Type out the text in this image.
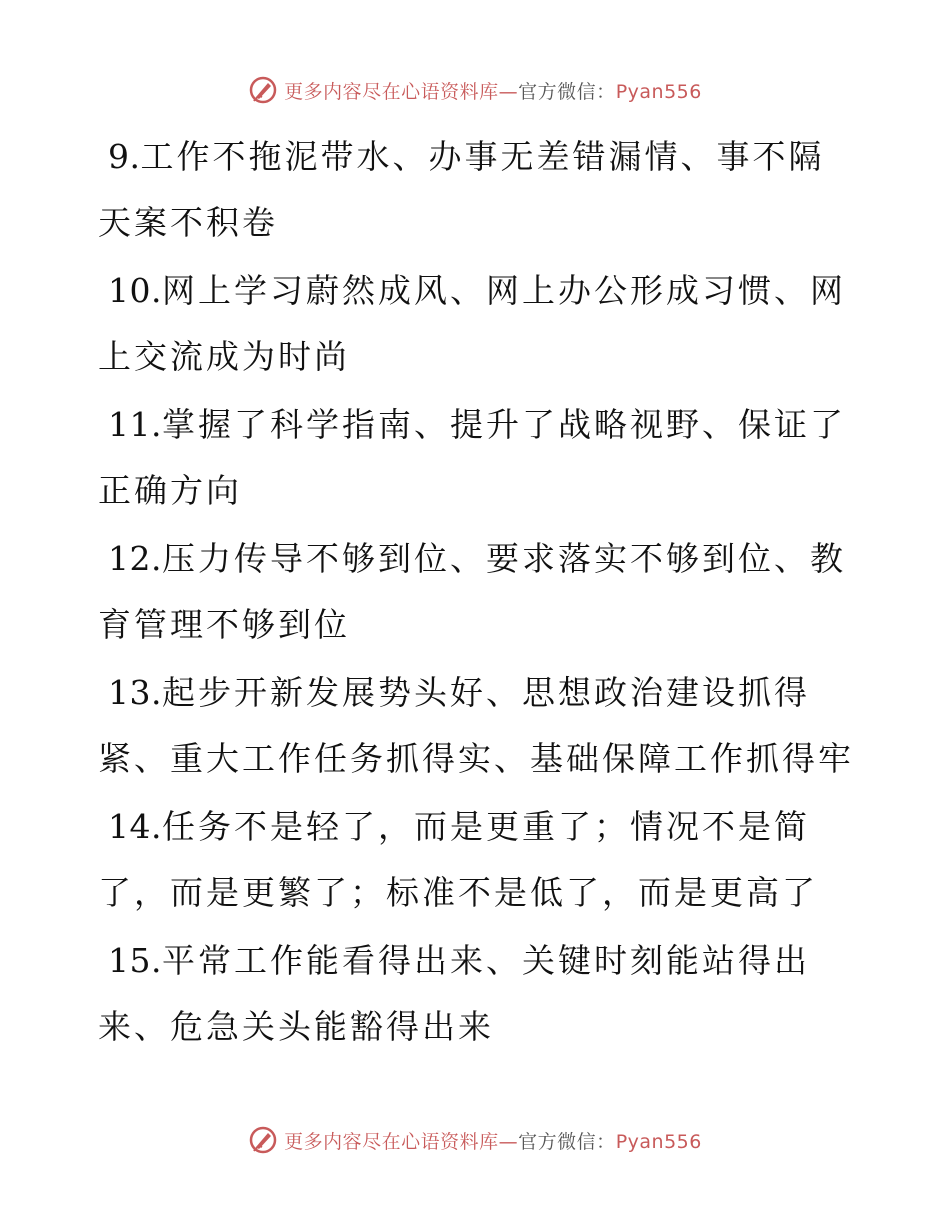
更多内容尽在心语资料库—官方微信：Pyan556

9.工作不拖泥带水、办事无差错漏情、事不隔天案不积卷

10.网上学习蔚然成风、网上办公形成习惯、网上交流成为时尚

11.掌握了科学指南、提升了战略视野、保证了正确方向

12.压力传导不够到位、要求落实不够到位、教育管理不够到位

13.起步开新发展势头好、思想政治建设抓得紧、重大工作任务抓得实、基础保障工作抓得牢

14.任务不是轻了，而是更重了；情况不是简了，而是更繁了；标准不是低了，而是更高了

15.平常工作能看得出来、关键时刻能站得出来、危急关头能豁得出来

更多内容尽在心语资料库—官方微信：Pyan556
